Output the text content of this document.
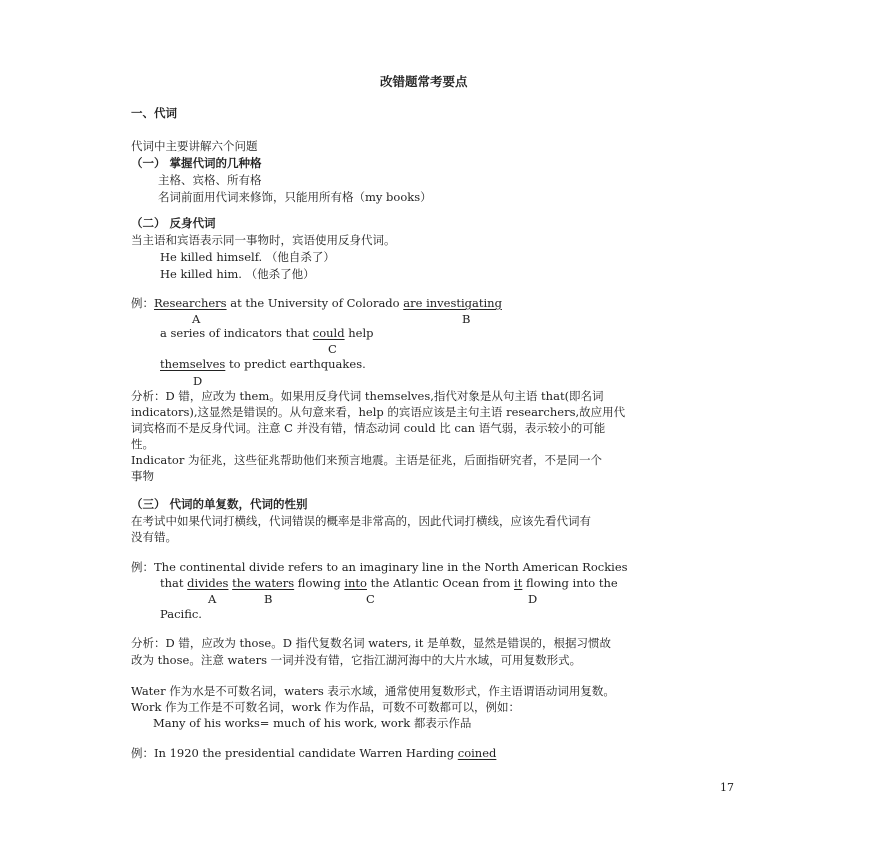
改错题常考要点
一、代词
代词中主要讲解六个问题
（一） 掌握代词的几种格
主格、宾格、所有格
名词前面用代词来修饰，只能用所有格（my books）
（二） 反身代词
当主语和宾语表示同一事物时，宾语使用反身代词。
He killed himself. （他自杀了）
He killed him. （他杀了他）
例：Researchers at the University of Colorado are investigating
A	B
a series of indicators that could help
C
themselves to predict earthquakes.
D
分析：D 错，应改为 them。如果用反身代词 themselves,指代对象是从句主语 that(即名词
indicators),这显然是错误的。从句意来看，help 的宾语应该是主句主语 researchers,故应用代
词宾格而不是反身代词。注意 C 并没有错，情态动词 could 比 can 语气弱，表示较小的可能
性。
Indicator 为征兆，这些征兆帮助他们来预言地震。主语是征兆，后面指研究者，不是同一个
事物
（三） 代词的单复数，代词的性别
在考试中如果代词打横线，代词错误的概率是非常高的，因此代词打横线，应该先看代词有
没有错。
例：The continental divide refers to an imaginary line in the North American Rockies
that divides the waters flowing into the Atlantic Ocean from it flowing into the
A	B	C	D
Pacific.
分析：D 错，应改为 those。D 指代复数名词 waters, it 是单数，显然是错误的，根据习惯故
改为 those。注意 waters 一词并没有错，它指江湖河海中的大片水域，可用复数形式。
Water 作为水是不可数名词，waters 表示水域，通常使用复数形式，作主语谓语动词用复数。
Work 作为工作是不可数名词，work 作为作品，可数不可数都可以，例如：
Many of his works= much of his work, work 都表示作品
例：In 1920 the presidential candidate Warren Harding coined
17
